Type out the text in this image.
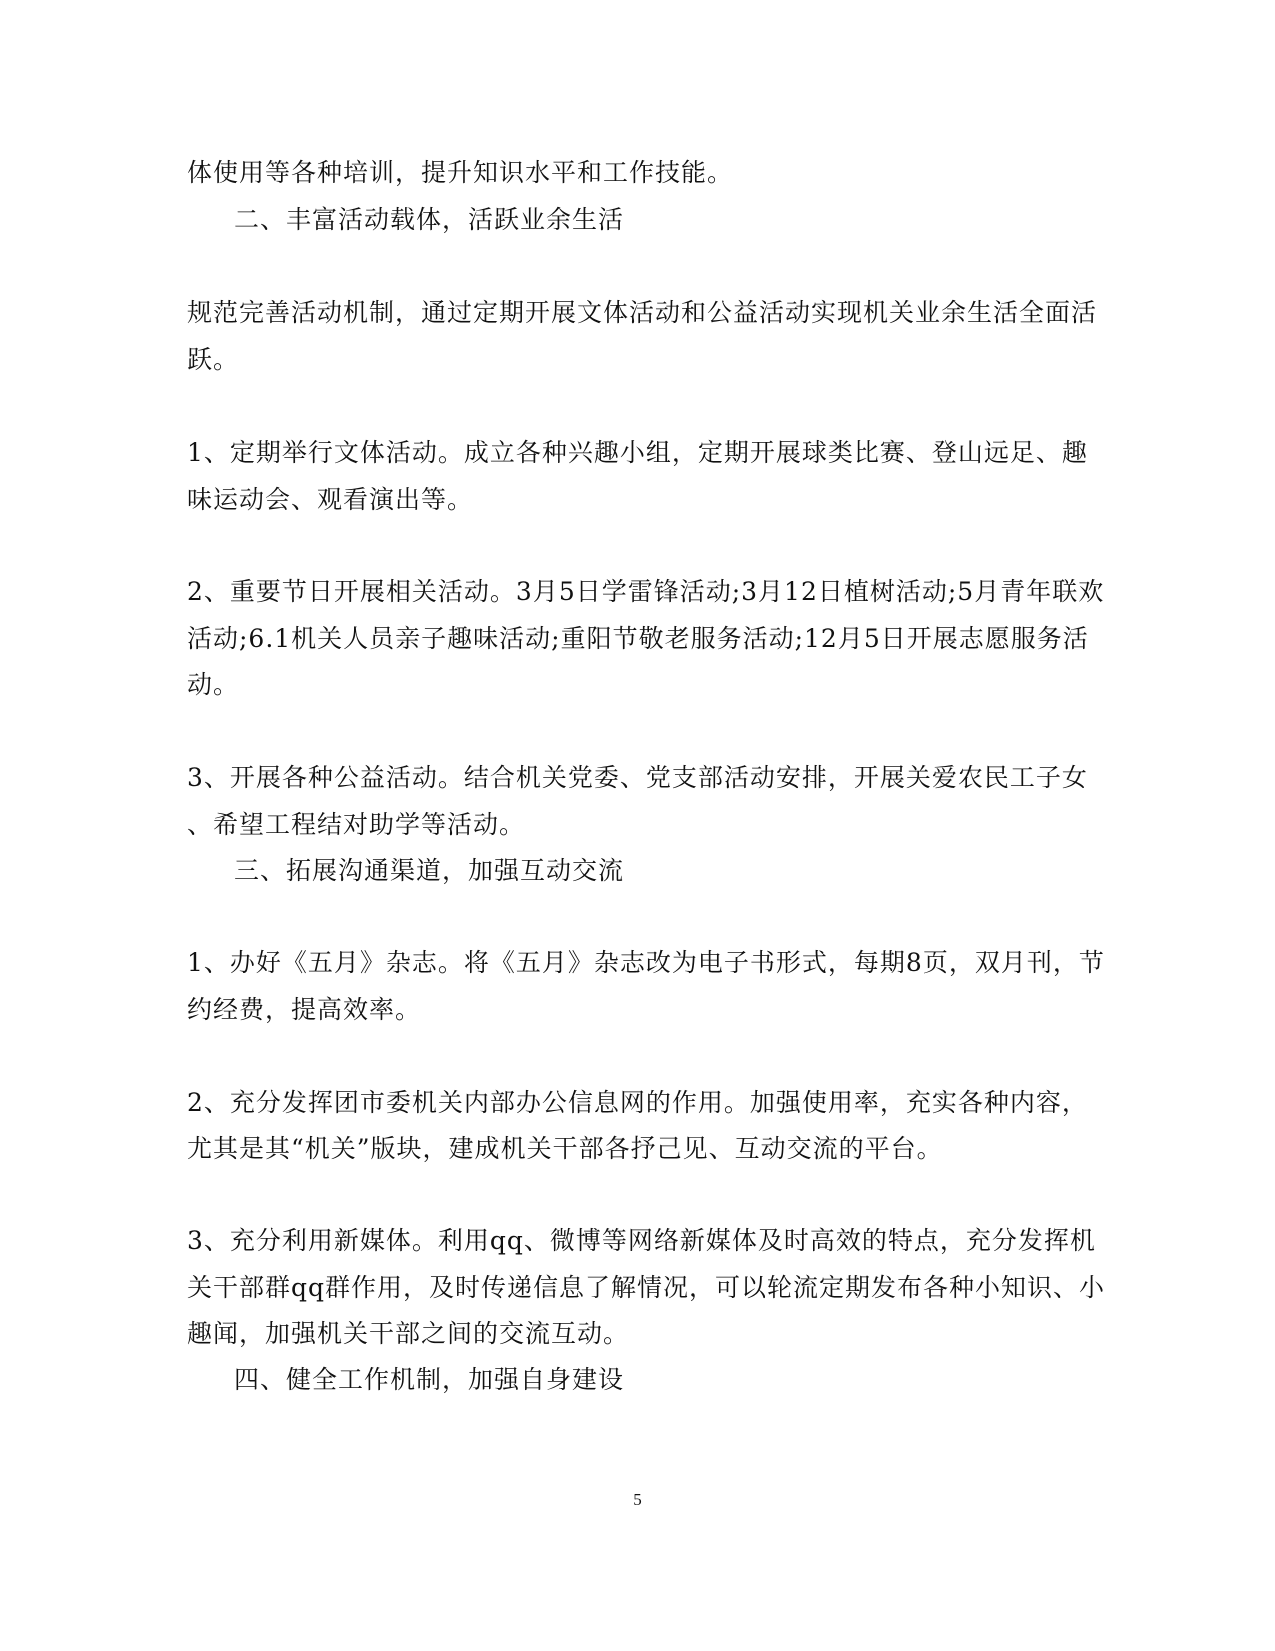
体使用等各种培训，提升知识水平和工作技能。
二、丰富活动载体，活跃业余生活
规范完善活动机制，通过定期开展文体活动和公益活动实现机关业余生活全面活
跃。
1、定期举行文体活动。成立各种兴趣小组，定期开展球类比赛、登山远足、趣
味运动会、观看演出等。
2、重要节日开展相关活动。3月5日学雷锋活动;3月12日植树活动;5月青年联欢
活动;6.1机关人员亲子趣味活动;重阳节敬老服务活动;12月5日开展志愿服务活
动。
3、开展各种公益活动。结合机关党委、党支部活动安排，开展关爱农民工子女
、希望工程结对助学等活动。
三、拓展沟通渠道，加强互动交流
1、办好《五月》杂志。将《五月》杂志改为电子书形式，每期8页，双月刊，节
约经费，提高效率。
2、充分发挥团市委机关内部办公信息网的作用。加强使用率，充实各种内容，
尤其是其“机关”版块，建成机关干部各抒己见、互动交流的平台。
3、充分利用新媒体。利用qq、微博等网络新媒体及时高效的特点，充分发挥机
关干部群qq群作用，及时传递信息了解情况，可以轮流定期发布各种小知识、小
趣闻，加强机关干部之间的交流互动。
四、健全工作机制，加强自身建设
5
